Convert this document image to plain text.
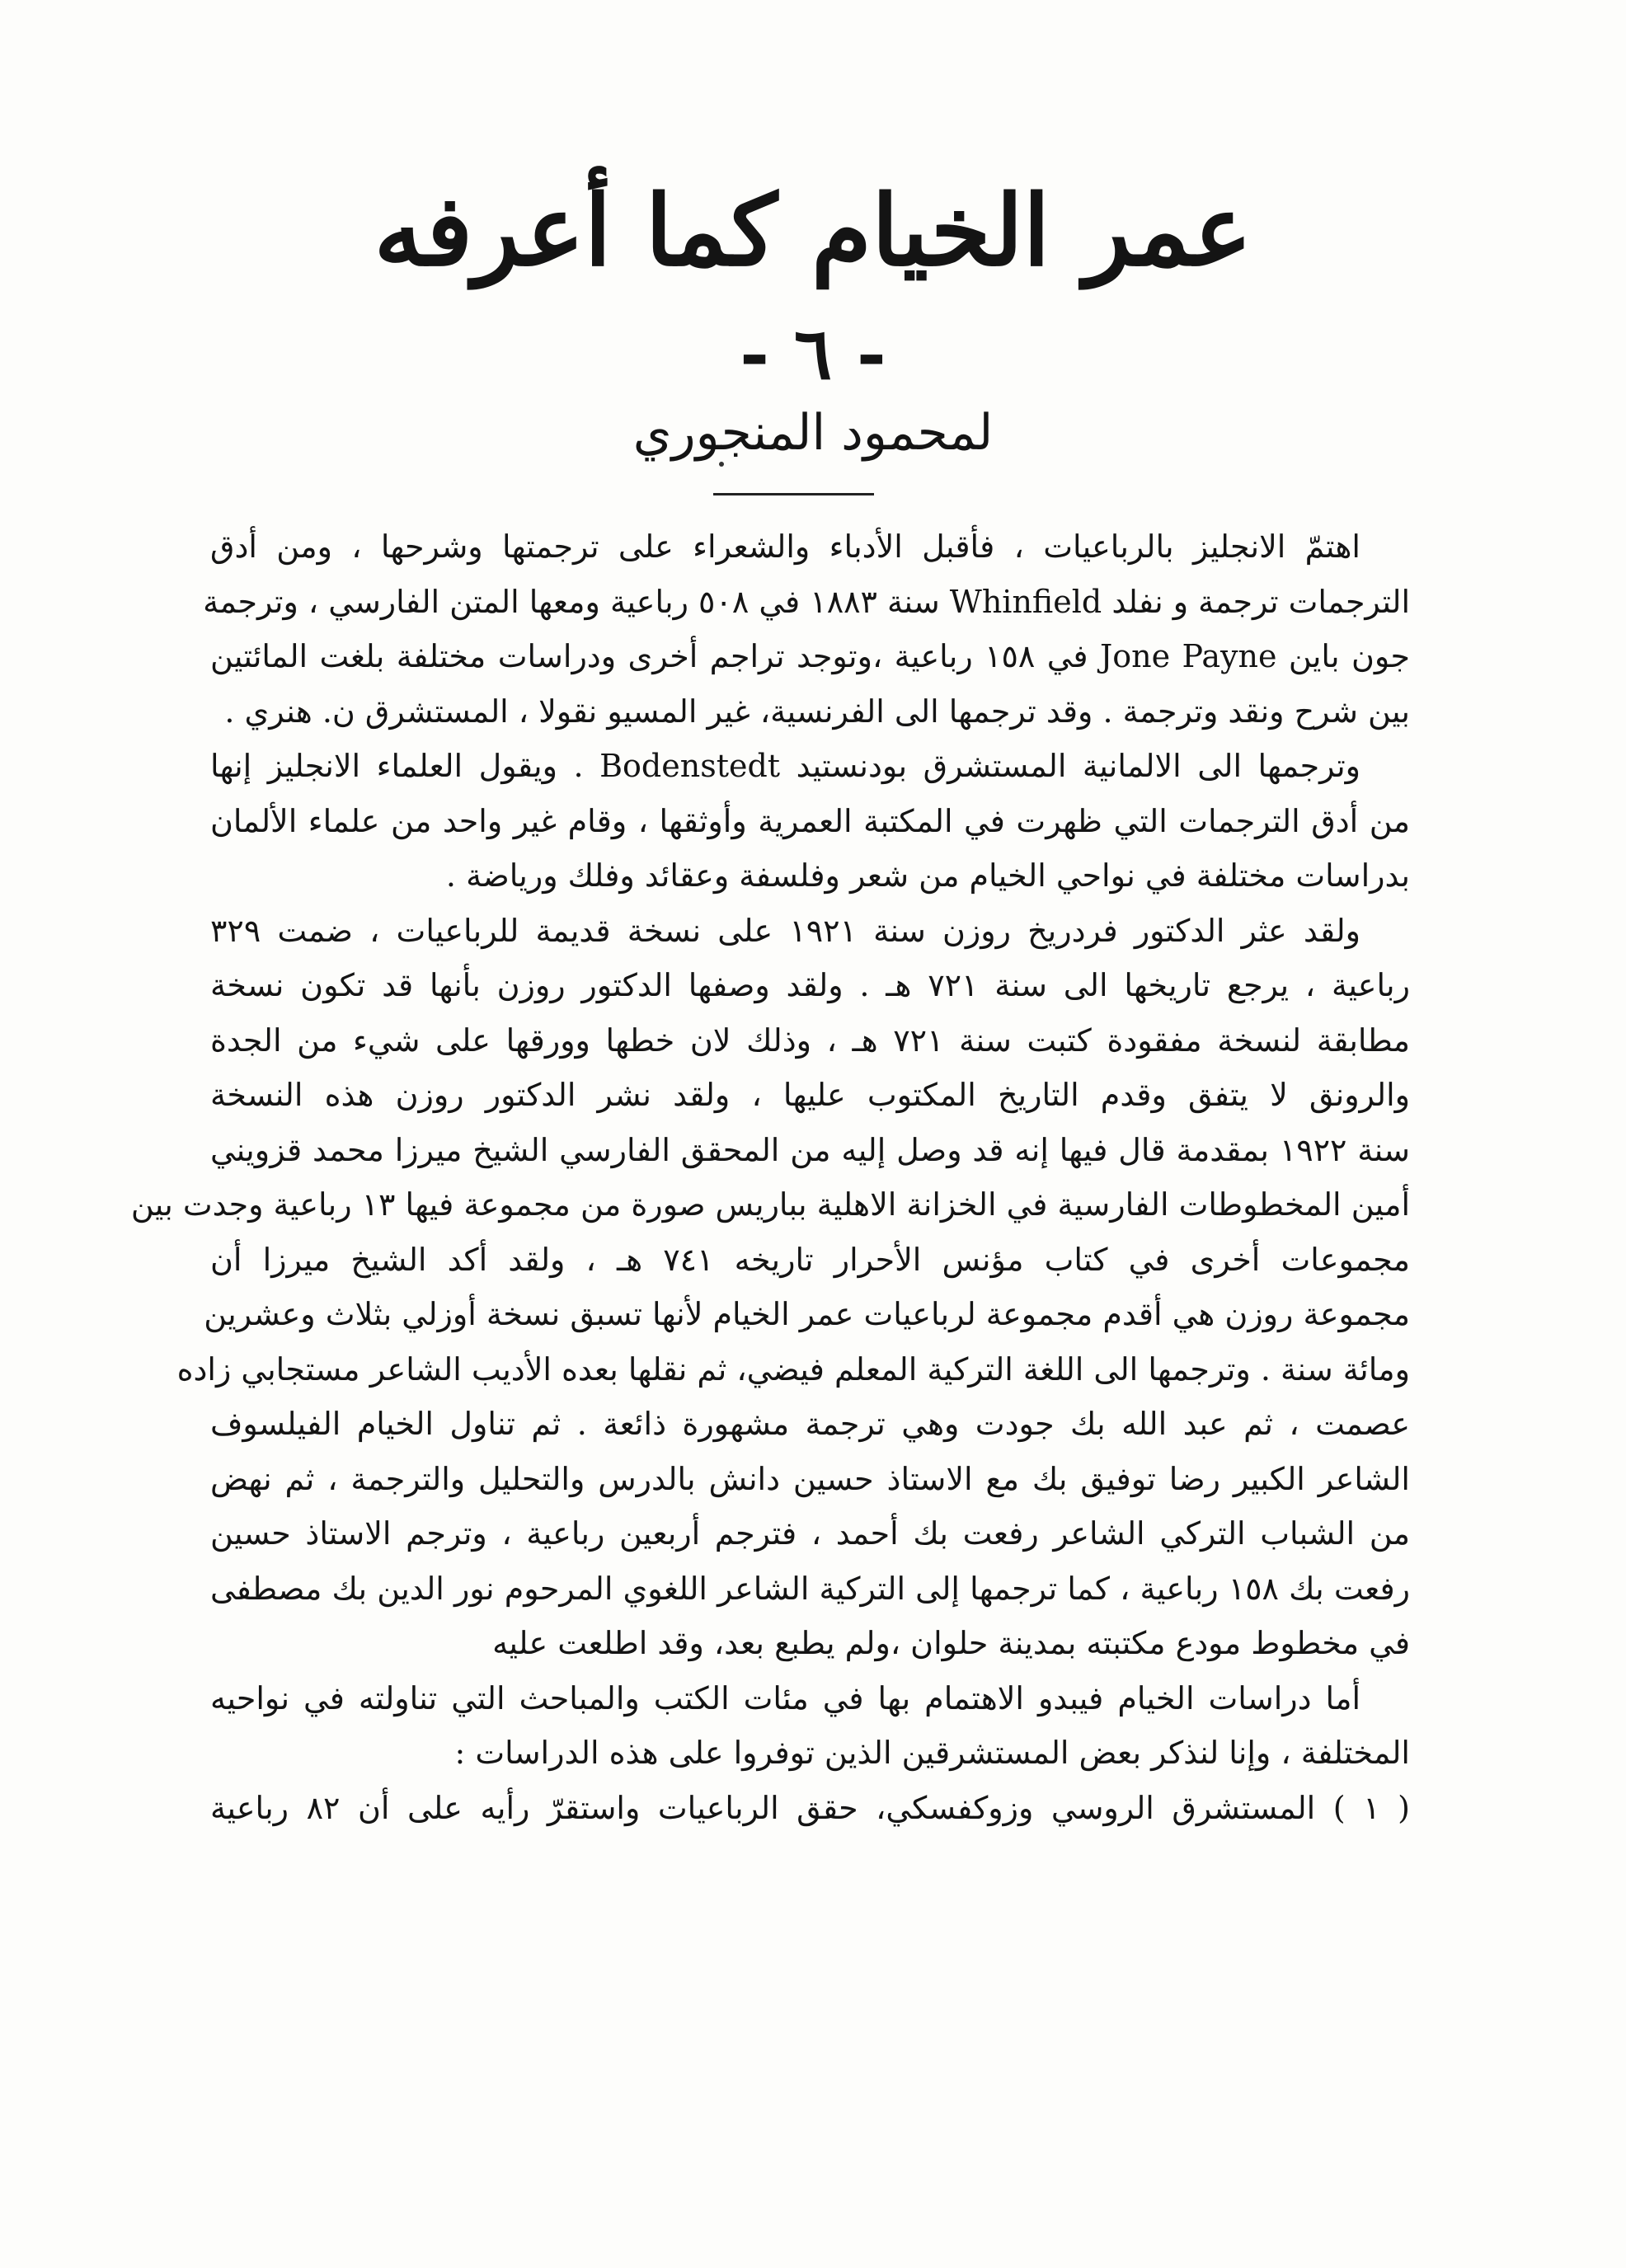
عمر الخيام كما أعرفه
- ٦ -
لمحمود المنجوري
اهتمّ الانجليز بالرباعيات ، فأقبل الأدباء والشعراء على ترجمتها وشرحها ، ومن أدق
الترجمات ترجمة و نفلد Whinfield سنة ١٨٨٣ في ٥٠٨ رباعية ومعها المتن الفارسي ، وترجمة
جون باين Jone Payne في ١٥٨ رباعية ،وتوجد تراجم أخرى ودراسات مختلفة بلغت المائتين
بين شرح ونقد وترجمة . وقد ترجمها الى الفرنسية، غير المسيو نقولا ، المستشرق ن. هنري .
وترجمها الى الالمانية المستشرق بودنستيد Bodenstedt . ويقول العلماء الانجليز إنها
من أدق الترجمات التي ظهرت في المكتبة العمرية وأوثقها ، وقام غير واحد من علماء الألمان
بدراسات مختلفة في نواحي الخيام من شعر وفلسفة وعقائد وفلك ورياضة .
ولقد عثر الدكتور فردريخ روزن سنة ١٩٢١ على نسخة قديمة للرباعيات ، ضمت ٣٢٩
رباعية ، يرجع تاريخها الى سنة ٧٢١ هـ . ولقد وصفها الدكتور روزن بأنها قد تكون نسخة
مطابقة لنسخة مفقودة كتبت سنة ٧٢١ هـ ، وذلك لان خطها وورقها على شيء من الجدة
والرونق لا يتفق وقدم التاريخ المكتوب عليها ، ولقد نشر الدكتور روزن هذه النسخة
سنة ١٩٢٢ بمقدمة قال فيها إنه قد وصل إليه من المحقق الفارسي الشيخ ميرزا محمد قزويني
أمين المخطوطات الفارسية في الخزانة الاهلية بباريس صورة من مجموعة فيها ١٣ رباعية وجدت بين
مجموعات أخرى في كتاب مؤنس الأحرار تاريخه ٧٤١ هـ ، ولقد أكد الشيخ ميرزا أن
مجموعة روزن هي أقدم مجموعة لرباعيات عمر الخيام لأنها تسبق نسخة أوزلي بثلاث وعشرين
ومائة سنة . وترجمها الى اللغة التركية المعلم فيضي، ثم نقلها بعده الأديب الشاعر مستجابي زاده
عصمت ، ثم عبد الله بك جودت وهي ترجمة مشهورة ذائعة . ثم تناول الخيام الفيلسوف
الشاعر الكبير رضا توفيق بك مع الاستاذ حسين دانش بالدرس والتحليل والترجمة ، ثم نهض
من الشباب التركي الشاعر رفعت بك أحمد ، فترجم أربعين رباعية ، وترجم الاستاذ حسين
رفعت بك ١٥٨ رباعية ، كما ترجمها إلى التركية الشاعر اللغوي المرحوم نور الدين بك مصطفى
في مخطوط مودع مكتبته بمدينة حلوان ،ولم يطبع بعد، وقد اطلعت عليه
أما دراسات الخيام فيبدو الاهتمام بها في مئات الكتب والمباحث التي تناولته في نواحيه
المختلفة ، وإنا لنذكر بعض المستشرقين الذين توفروا على هذه الدراسات :
( ١ ) المستشرق الروسي وزوكفسكي، حقق الرباعيات واستقرّ رأيه على أن ٨٢ رباعية
